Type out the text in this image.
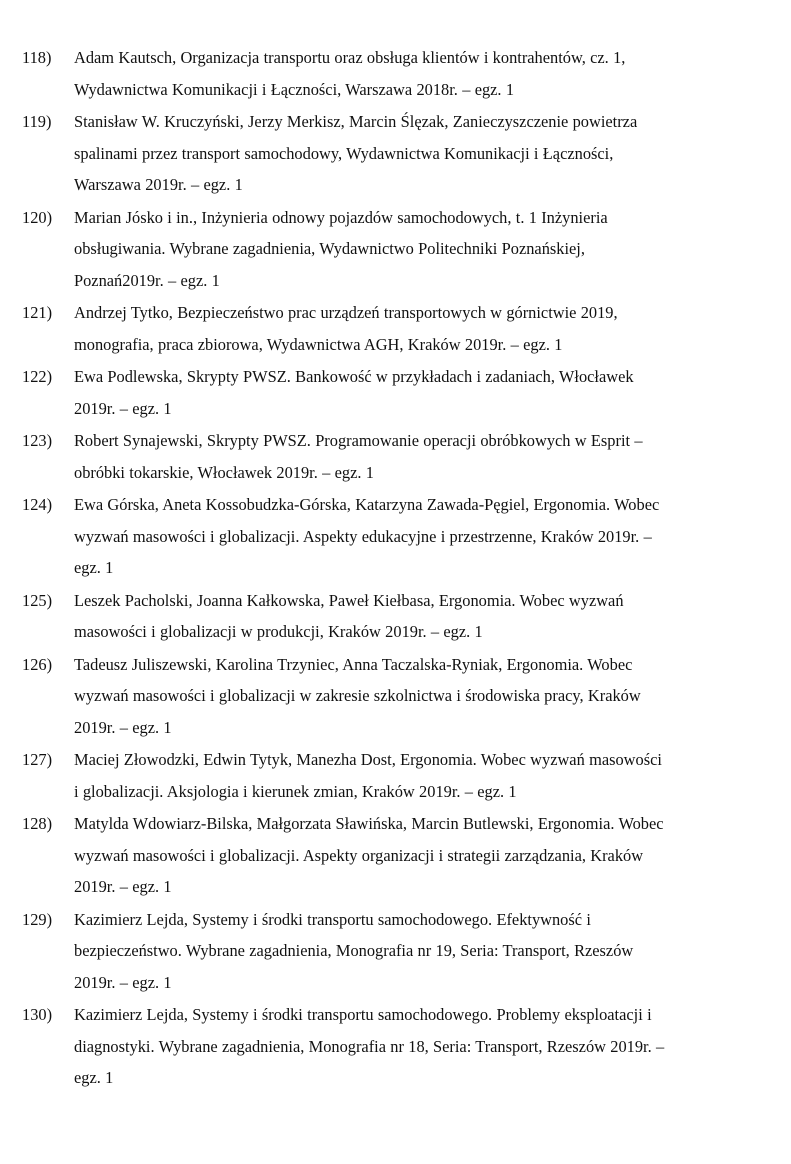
118)	Adam Kautsch, Organizacja transportu oraz obsługa klientów i kontrahentów, cz. 1,
Wydawnictwa Komunikacji i Łączności, Warszawa 2018r. – egz. 1
119)	Stanisław W. Kruczyński, Jerzy Merkisz, Marcin Ślęzak, Zanieczyszczenie powietrza
spalinami przez transport samochodowy, Wydawnictwa Komunikacji i Łączności,
Warszawa 2019r. – egz. 1
120)	Marian Jósko i in., Inżynieria odnowy pojazdów samochodowych, t. 1 Inżynieria
obsługiwania. Wybrane zagadnienia, Wydawnictwo Politechniki Poznańskiej,
Poznań2019r. – egz. 1
121)	Andrzej Tytko, Bezpieczeństwo prac urządzeń transportowych w górnictwie 2019,
monografia, praca zbiorowa, Wydawnictwa AGH, Kraków 2019r. – egz. 1
122)	Ewa Podlewska, Skrypty PWSZ. Bankowość w przykładach i zadaniach, Włocławek
2019r. – egz. 1
123)	Robert Synajewski, Skrypty PWSZ. Programowanie operacji obróbkowych w Esprit –
obróbki tokarskie, Włocławek 2019r. – egz. 1
124)	Ewa Górska, Aneta Kossobudzka-Górska, Katarzyna Zawada-Pęgiel, Ergonomia. Wobec
wyzwań masowości i globalizacji. Aspekty edukacyjne i przestrzenne, Kraków 2019r. –
egz. 1
125)	Leszek Pacholski, Joanna Kałkowska, Paweł Kiełbasa, Ergonomia. Wobec wyzwań
masowości i globalizacji w produkcji, Kraków 2019r. – egz. 1
126)	Tadeusz Juliszewski, Karolina Trzyniec, Anna Taczalska-Ryniak, Ergonomia. Wobec
wyzwań masowości i globalizacji w zakresie szkolnictwa i środowiska pracy, Kraków
2019r. – egz. 1
127)	Maciej Złowodzki, Edwin Tytyk, Manezha Dost, Ergonomia. Wobec wyzwań masowości
i globalizacji. Aksjologia i kierunek zmian, Kraków 2019r. – egz. 1
128)	Matylda Wdowiarz-Bilska, Małgorzata Sławińska, Marcin Butlewski, Ergonomia. Wobec
wyzwań masowości i globalizacji. Aspekty organizacji i strategii zarządzania, Kraków
2019r. – egz. 1
129)	Kazimierz Lejda, Systemy i środki transportu samochodowego. Efektywność i
bezpieczeństwo. Wybrane zagadnienia, Monografia nr 19, Seria: Transport, Rzeszów
2019r. – egz. 1
130)	Kazimierz Lejda, Systemy i środki transportu samochodowego. Problemy eksploatacji i
diagnostyki. Wybrane zagadnienia, Monografia nr 18, Seria: Transport, Rzeszów 2019r. –
egz. 1
